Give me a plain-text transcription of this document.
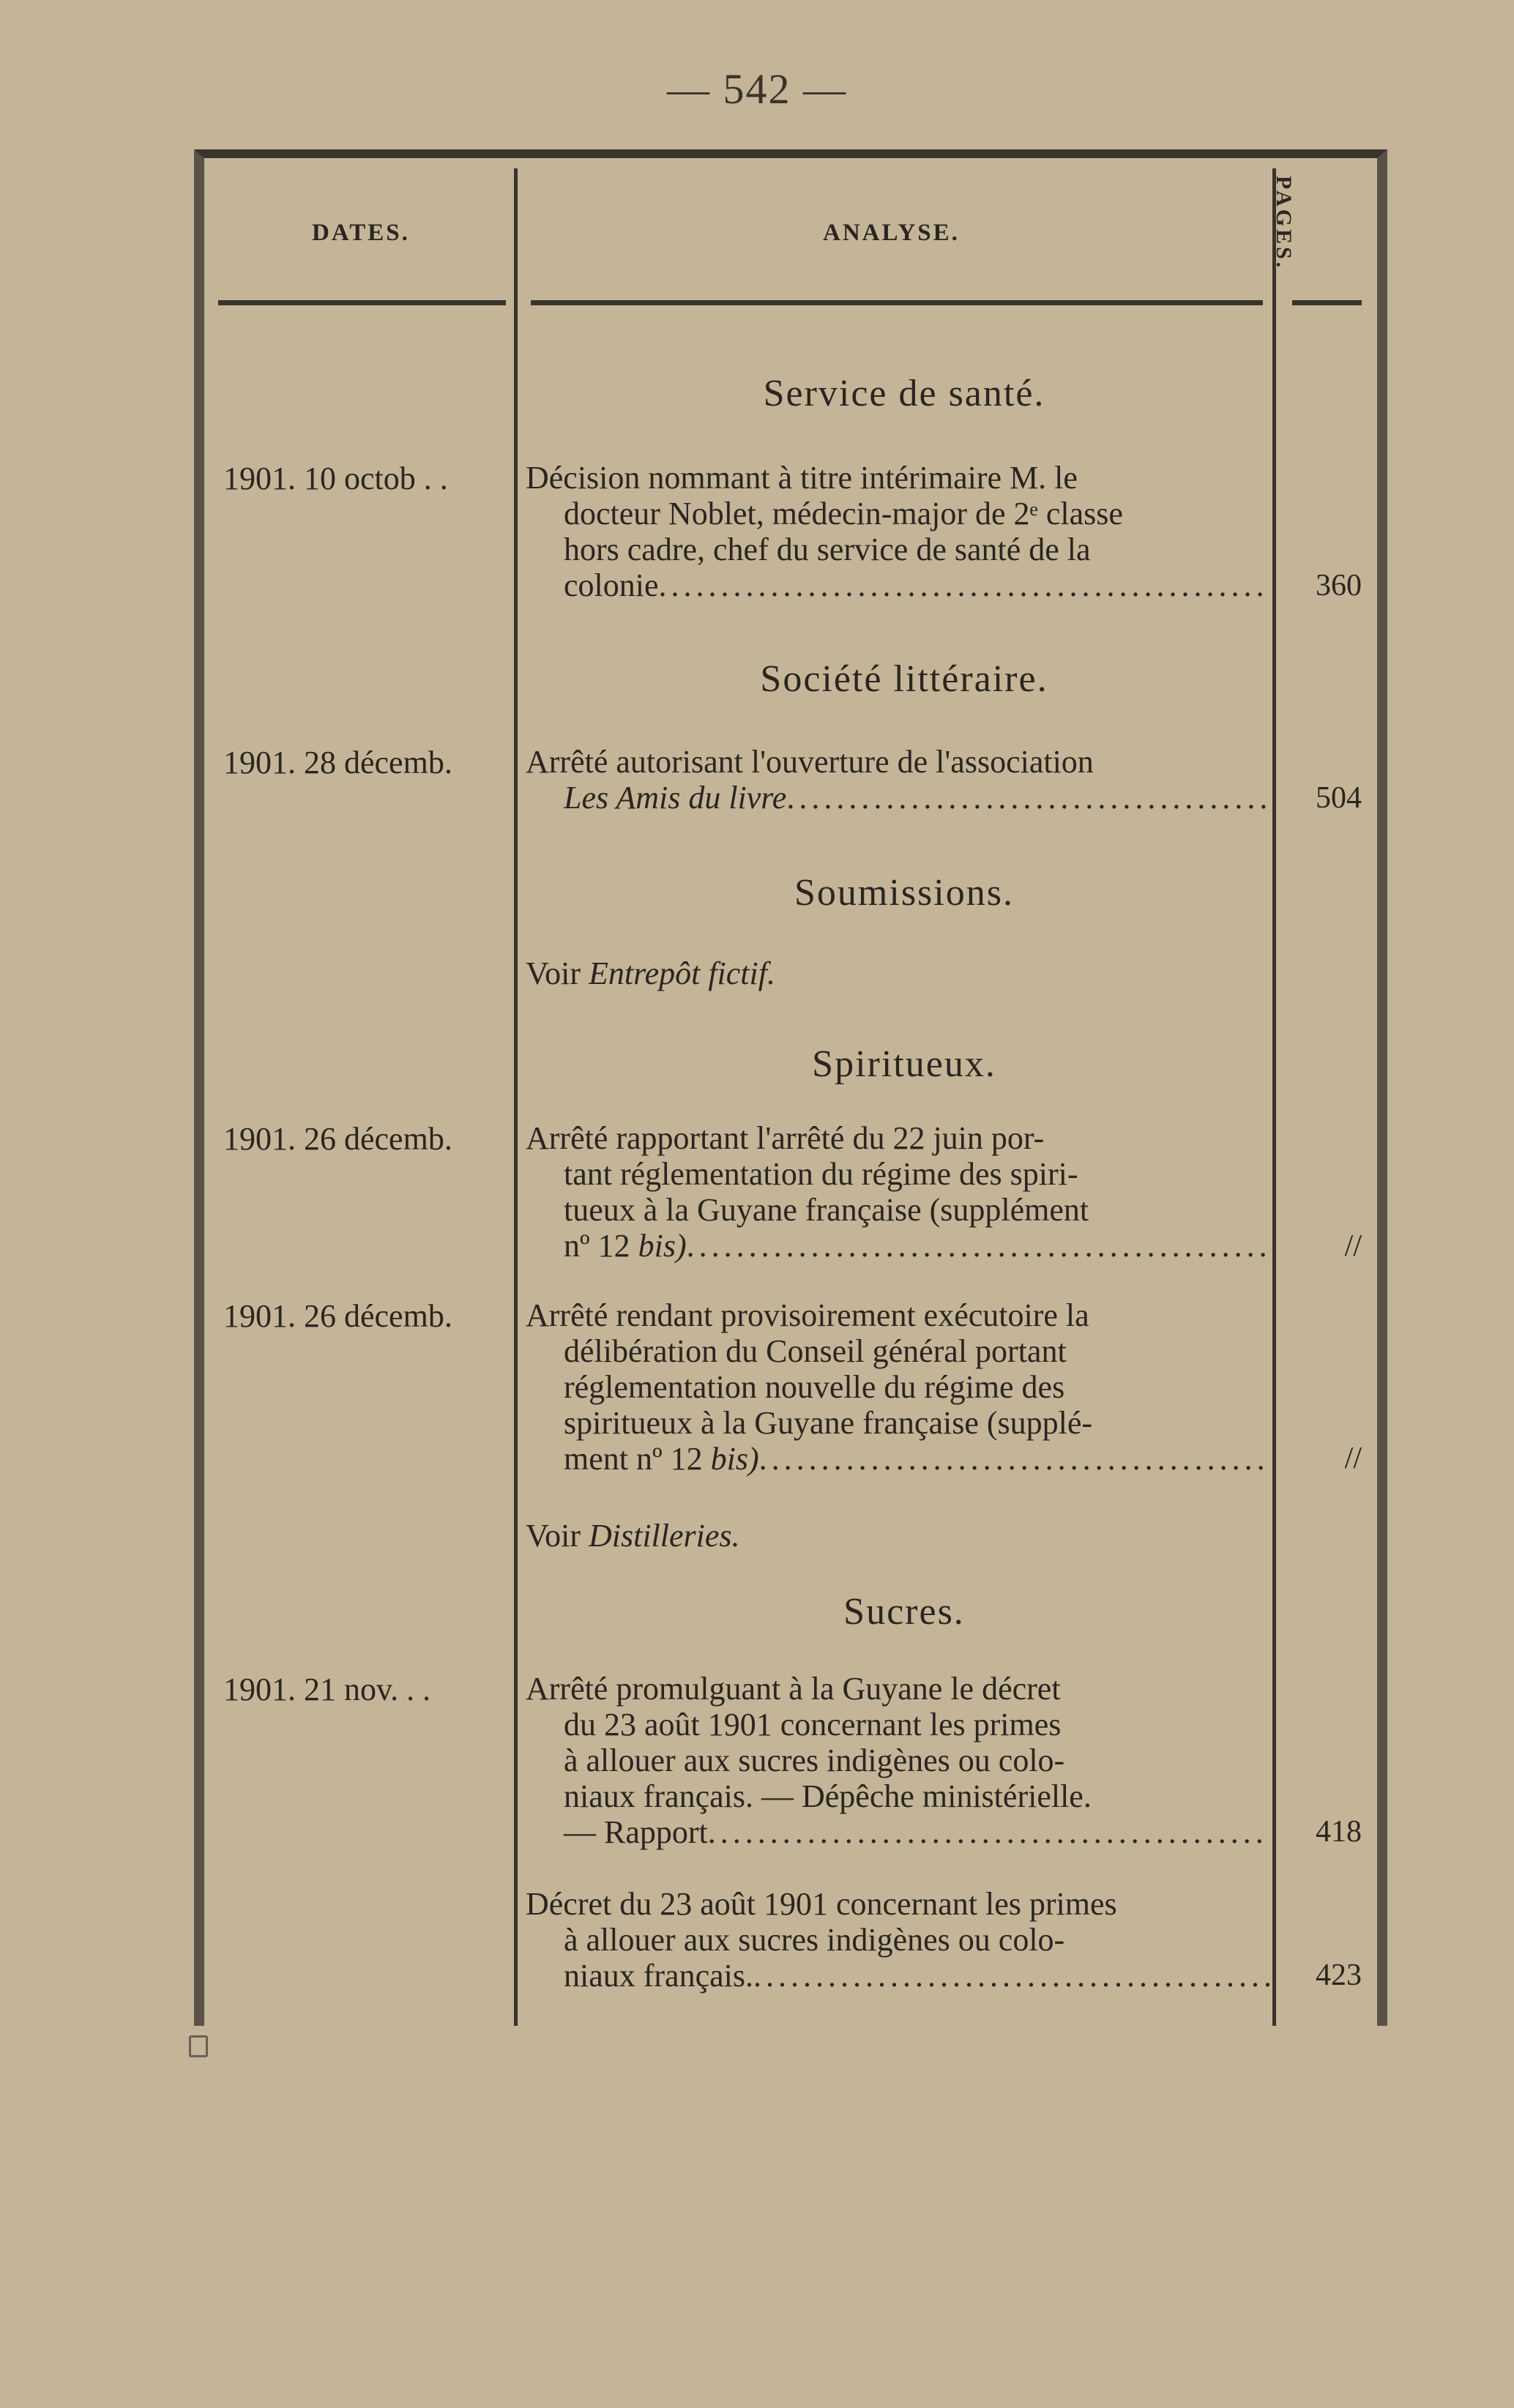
— 542 —
DATES.	ANALYSE.	PAGES.
Service de santé.
1901. 10 octob . . Décision nommant à titre intérimaire M. le
docteur Noblet, médecin-major de 2ᵉ classe
hors cadre, chef du service de santé de la
colonie .....	360
Société littéraire.
1901. 28 décemb. Arrêté autorisant l'ouverture de l'association
Les Amis du livre .....	504
Soumissions.
Voir Entrepôt fictif.
Spiritueux.
1901. 26 décemb. Arrêté rapportant l'arrêté du 22 juin por-
tant réglementation du régime des spiri-
tueux à la Guyane française (supplément
nº 12
bis) .....	//
1901. 26 décemb. Arrêté rendant provisoirement exécutoire la
délibération du Conseil général portant
réglementation nouvelle du régime des
spiritueux à la Guyane française (supplé-
ment nº 12
bis) .....	//
Voir Distilleries.
Sucres.
1901. 21 nov. . .	Arrêté promulguant à la Guyane le décret
du 23 août 1901 concernant les primes
à allouer aux sucres indigènes ou colo-
niaux français. — Dépêche ministérielle.
— Rapport .....	418
Décret du 23 août 1901 concernant les primes
à allouer aux sucres indigènes ou colo-
niaux français. .....	423
